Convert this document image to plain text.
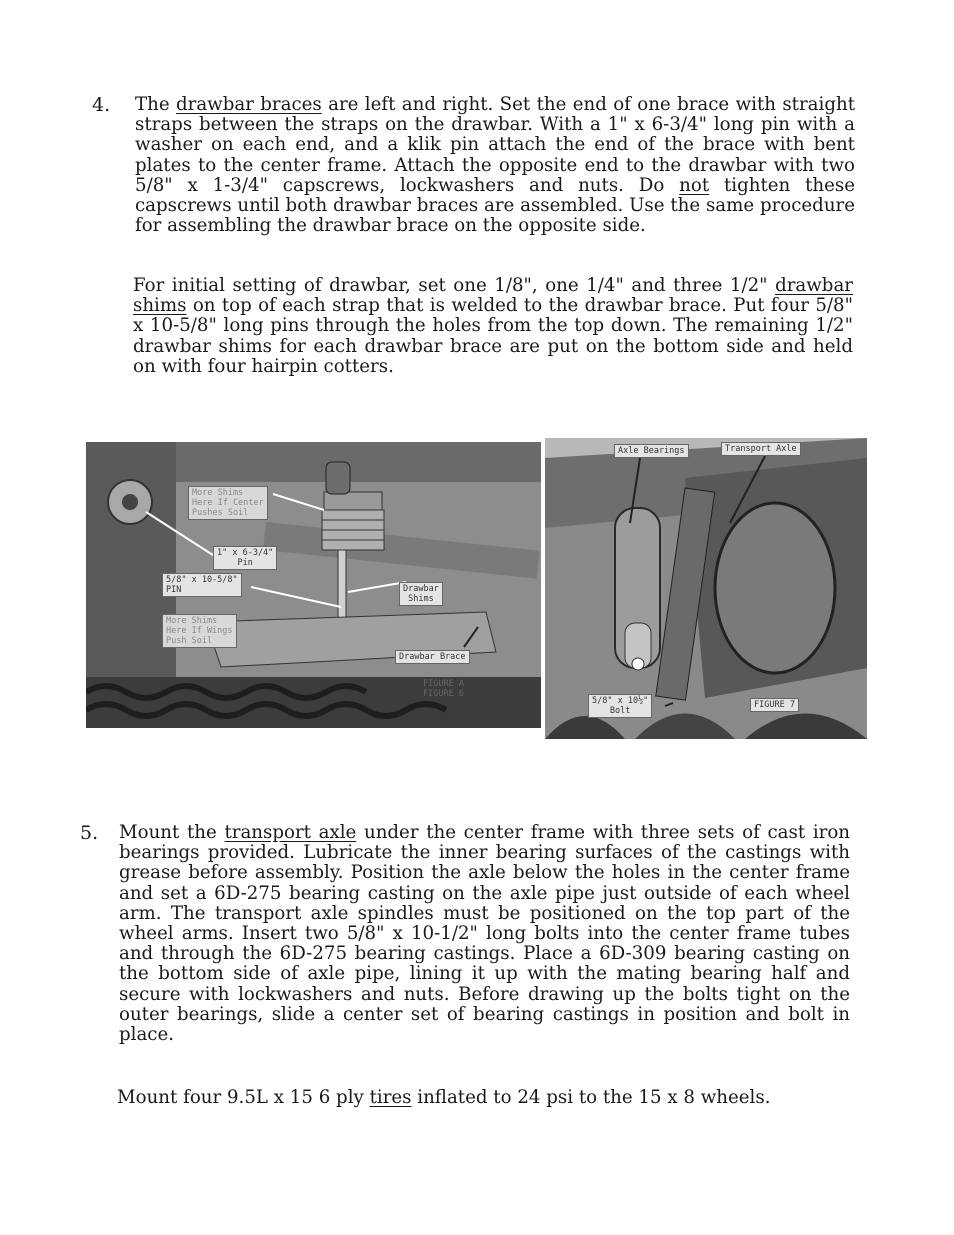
4. The drawbar braces are left and right. Set the end of one brace with straight straps between the straps on the drawbar. With a 1" x 6-3/4" long pin with a washer on each end, and a klik pin attach the end of the brace with bent plates to the center frame. Attach the opposite end to the drawbar with two 5/8" x 1-3/4" capscrews, lockwashers and nuts. Do not tighten these capscrews until both drawbar braces are assembled. Use the same procedure for assembling the drawbar brace on the opposite side.

For initial setting of drawbar, set one 1/8", one 1/4" and three 1/2" drawbar shims on top of each strap that is welded to the drawbar brace. Put four 5/8" x 10-5/8" long pins through the holes from the top down. The remaining 1/2" drawbar shims for each drawbar brace are put on the bottom side and held on with four hairpin cotters.

More Shims
Here If Center
Pushes Soil
1" x 6-3/4"
Pin
5/8" x 10-5/8"
PIN
More Shims
Here If Wings
Push Soil
Drawbar
Shims
Drawbar Brace
FIGURE A
FIGURE 6
Axle Bearings	Transport Axle
5/8" x 10½"
Bolt
FIGURE 7
5. Mount the transport axle under the center frame with three sets of cast iron bearings provided. Lubricate the inner bearing surfaces of the castings with grease before assembly. Position the axle below the holes in the center frame and set a 6D-275 bearing casting on the axle pipe just outside of each wheel arm. The transport axle spindles must be positioned on the top part of the wheel arms. Insert two 5/8" x 10-1/2" long bolts into the center frame tubes and through the 6D-275 bearing castings. Place a 6D-309 bearing casting on the bottom side of axle pipe, lining it up with the mating bearing half and secure with lockwashers and nuts. Before drawing up the bolts tight on the outer bearings, slide a center set of bearing castings in position and bolt in place.

Mount four 9.5L x 15 6 ply tires inflated to 24 psi to the 15 x 8 wheels.
